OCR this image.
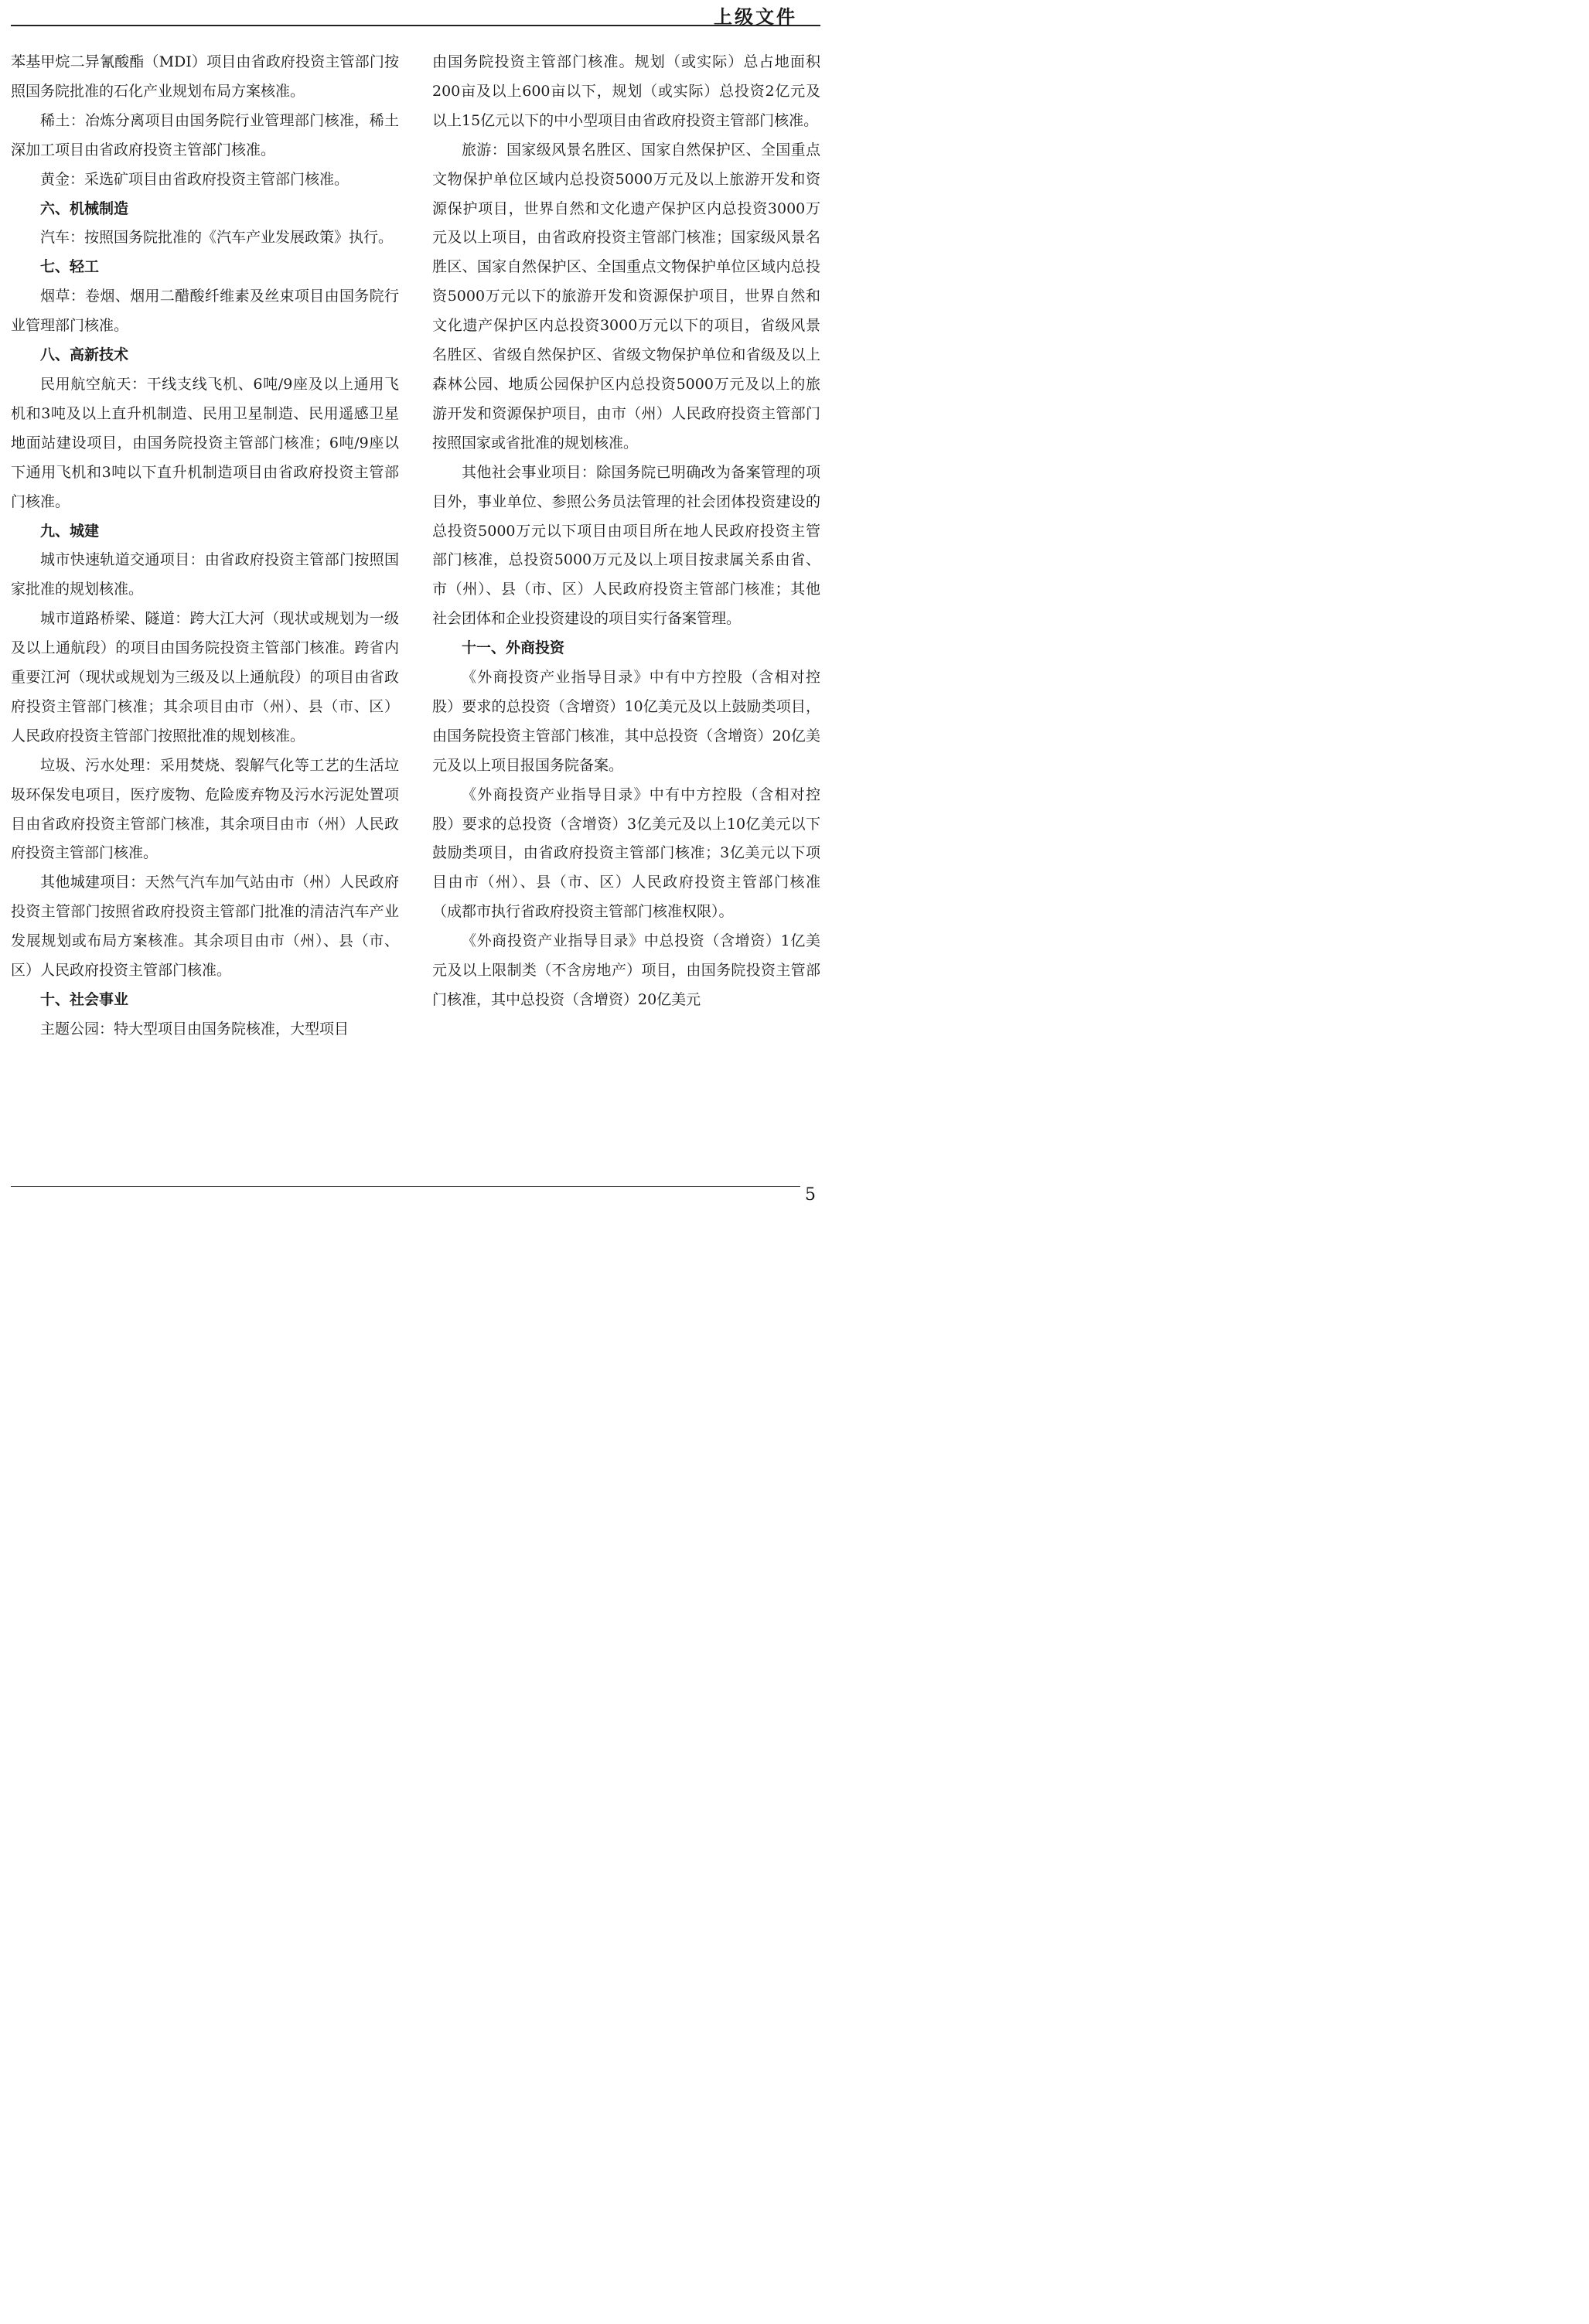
上级文件

苯基甲烷二异氰酸酯（MDI）项目由省政府投资主管部门按照国务院批准的石化产业规划布局方案核准。

稀土：冶炼分离项目由国务院行业管理部门核准，稀土深加工项目由省政府投资主管部门核准。

黄金：采选矿项目由省政府投资主管部门核准。

六、机械制造

汽车：按照国务院批准的《汽车产业发展政策》执行。

七、轻工

烟草：卷烟、烟用二醋酸纤维素及丝束项目由国务院行业管理部门核准。

八、高新技术

民用航空航天：干线支线飞机、6吨/9座及以上通用飞机和3吨及以上直升机制造、民用卫星制造、民用遥感卫星地面站建设项目，由国务院投资主管部门核准；6吨/9座以下通用飞机和3吨以下直升机制造项目由省政府投资主管部门核准。

九、城建

城市快速轨道交通项目：由省政府投资主管部门按照国家批准的规划核准。

城市道路桥梁、隧道：跨大江大河（现状或规划为一级及以上通航段）的项目由国务院投资主管部门核准。跨省内重要江河（现状或规划为三级及以上通航段）的项目由省政府投资主管部门核准；其余项目由市（州）、县（市、区）人民政府投资主管部门按照批准的规划核准。

垃圾、污水处理：采用焚烧、裂解气化等工艺的生活垃圾环保发电项目，医疗废物、危险废弃物及污水污泥处置项目由省政府投资主管部门核准，其余项目由市（州）人民政府投资主管部门核准。

其他城建项目：天然气汽车加气站由市（州）人民政府投资主管部门按照省政府投资主管部门批准的清洁汽车产业发展规划或布局方案核准。其余项目由市（州）、县（市、区）人民政府投资主管部门核准。

十、社会事业

主题公园：特大型项目由国务院核准，大型项目

由国务院投资主管部门核准。规划（或实际）总占地面积200亩及以上600亩以下，规划（或实际）总投资2亿元及以上15亿元以下的中小型项目由省政府投资主管部门核准。

旅游：国家级风景名胜区、国家自然保护区、全国重点文物保护单位区域内总投资5000万元及以上旅游开发和资源保护项目，世界自然和文化遗产保护区内总投资3000万元及以上项目，由省政府投资主管部门核准；国家级风景名胜区、国家自然保护区、全国重点文物保护单位区域内总投资5000万元以下的旅游开发和资源保护项目，世界自然和文化遗产保护区内总投资3000万元以下的项目，省级风景名胜区、省级自然保护区、省级文物保护单位和省级及以上森林公园、地质公园保护区内总投资5000万元及以上的旅游开发和资源保护项目，由市（州）人民政府投资主管部门按照国家或省批准的规划核准。

其他社会事业项目：除国务院已明确改为备案管理的项目外，事业单位、参照公务员法管理的社会团体投资建设的总投资5000万元以下项目由项目所在地人民政府投资主管部门核准，总投资5000万元及以上项目按隶属关系由省、市（州）、县（市、区）人民政府投资主管部门核准；其他社会团体和企业投资建设的项目实行备案管理。

十一、外商投资

《外商投资产业指导目录》中有中方控股（含相对控股）要求的总投资（含增资）10亿美元及以上鼓励类项目，由国务院投资主管部门核准，其中总投资（含增资）20亿美元及以上项目报国务院备案。

《外商投资产业指导目录》中有中方控股（含相对控股）要求的总投资（含增资）3亿美元及以上10亿美元以下鼓励类项目，由省政府投资主管部门核准；3亿美元以下项目由市（州）、县（市、区）人民政府投资主管部门核准（成都市执行省政府投资主管部门核准权限）。

《外商投资产业指导目录》中总投资（含增资）1亿美元及以上限制类（不含房地产）项目，由国务院投资主管部门核准，其中总投资（含增资）20亿美元

5
